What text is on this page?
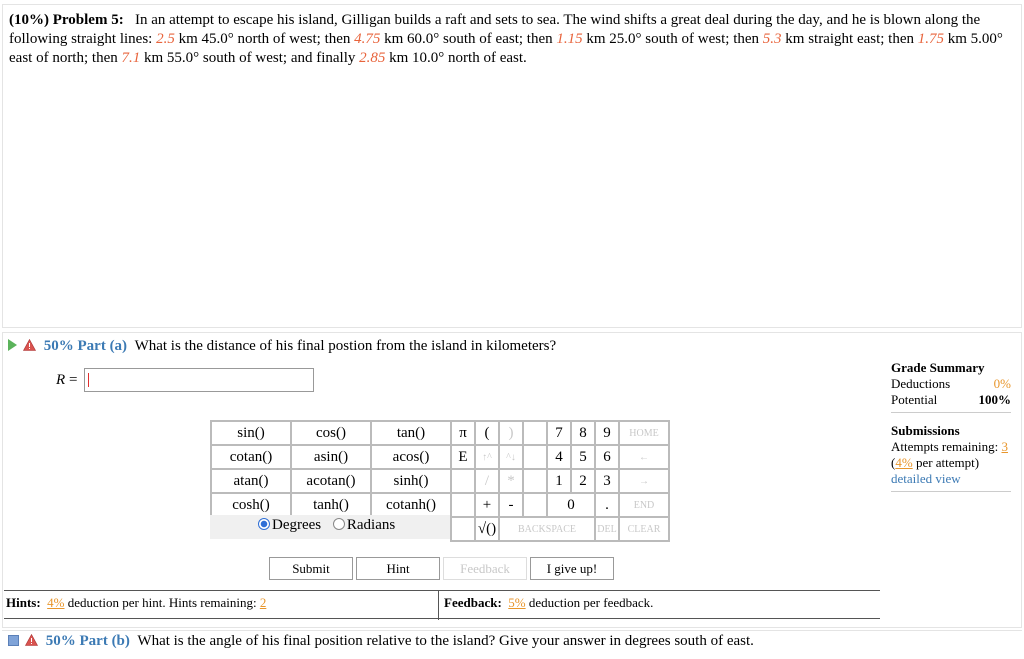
(10%) Problem 5: In an attempt to escape his island, Gilligan builds a raft and sets to sea. The wind shifts a great deal during the day, and he is blown along the following straight lines: 2.5 km 45.0° north of west; then 4.75 km 60.0° south of east; then 1.15 km 25.0° south of west; then 5.3 km straight east; then 1.75 km 5.00° east of north; then 7.1 km 55.0° south of west; and finally 2.85 km 10.0° north of east.
50% Part (a) What is the distance of his final postion from the island in kilometers?
R =
sin()	cos()	tan()
cotan()	asin()	acos()
atan()	acotan()	sinh()
cosh()	tanh()	cotanh()
Degrees Radians
π	(	)		7	8	9	HOME
E	↑^	^↓		4	5	6	←
	/	*		1	2	3	→
	+	-		0		.	END
	√()	BACKSPACE				DEL	CLEAR
Submit	Hint	Feedback	I give up!
Hints: 4% deduction per hint. Hints remaining: 2	Feedback: 5% deduction per feedback.
Grade Summary
Deductions	0%
Potential	100%
Submissions
Attempts remaining: 3
(4% per attempt)
detailed view
50% Part (b) What is the angle of his final position relative to the island? Give your answer in degrees south of east.
